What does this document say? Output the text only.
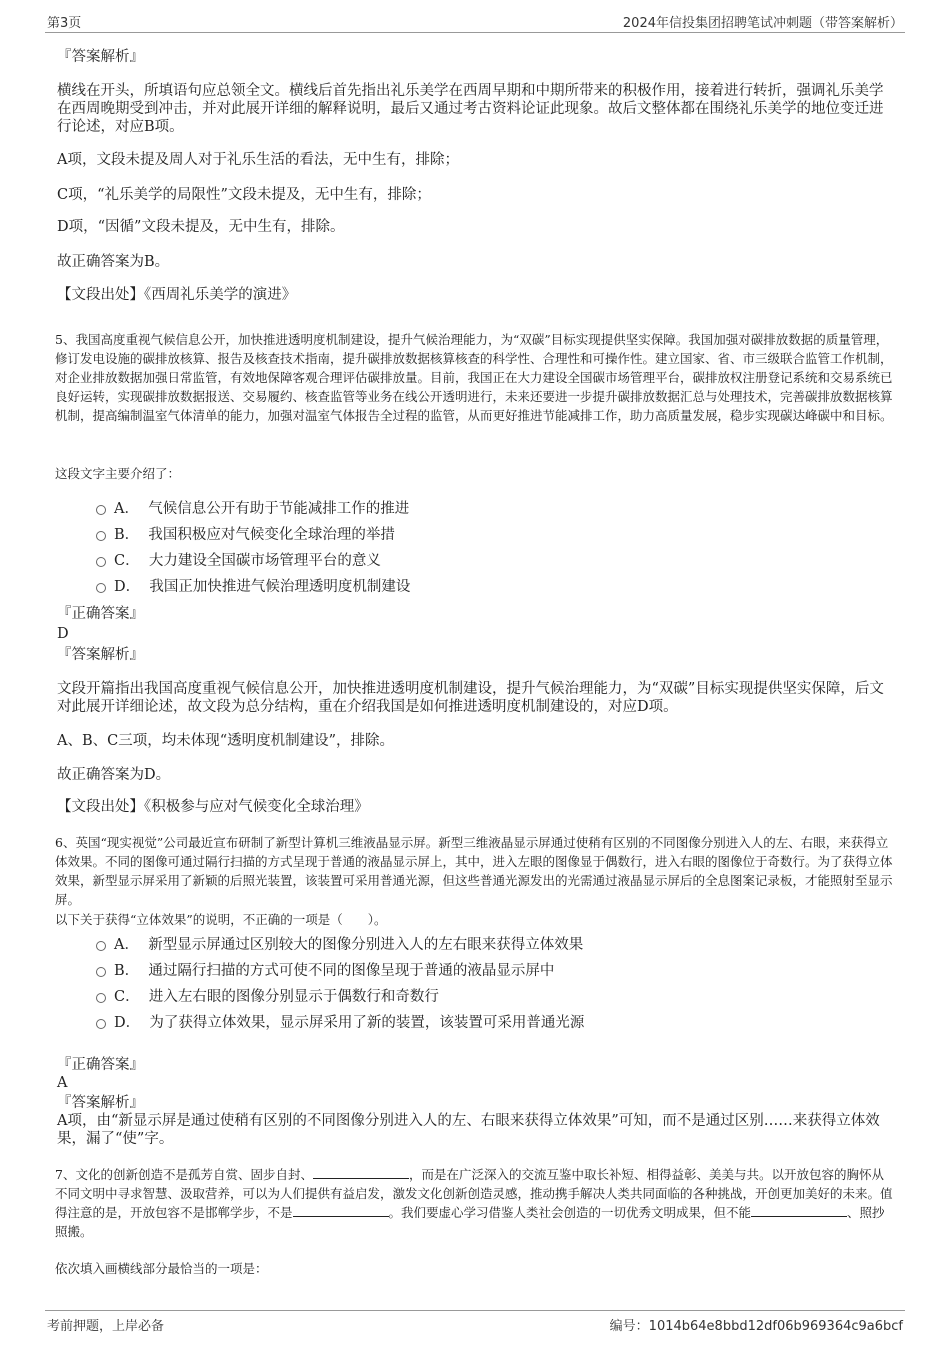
第3页	2024年信投集团招聘笔试冲刺题（带答案解析）
『答案解析』
横线在开头，所填语句应总领全文。横线后首先指出礼乐美学在西周早期和中期所带来的积极作用，接着进行转折，强调礼乐美学在西周晚期受到冲击，并对此展开详细的解释说明，最后又通过考古资料论证此现象。故后文整体都在围绕礼乐美学的地位变迁进行论述，对应B项。
A项，文段未提及周人对于礼乐生活的看法，无中生有，排除；
C项，“礼乐美学的局限性”文段未提及，无中生有，排除；
D项，“因循”文段未提及，无中生有，排除。
故正确答案为B。
【文段出处】《西周礼乐美学的演进》
5、我国高度重视气候信息公开，加快推进透明度机制建设，提升气候治理能力，为“双碳”目标实现提供坚实保障。我国加强对碳排放数据的质量管理，修订发电设施的碳排放核算、报告及核查技术指南，提升碳排放数据核算核查的科学性、合理性和可操作性。建立国家、省、市三级联合监管工作机制，对企业排放数据加强日常监管，有效地保障客观合理评估碳排放量。目前，我国正在大力建设全国碳市场管理平台，碳排放权注册登记系统和交易系统已良好运转，实现碳排放数据报送、交易履约、核查监管等业务在线公开透明进行，未来还要进一步提升碳排放数据汇总与处理技术，完善碳排放数据核算机制，提高编制温室气体清单的能力，加强对温室气体报告全过程的监管，从而更好推进节能减排工作，助力高质量发展，稳步实现碳达峰碳中和目标。
这段文字主要介绍了：
A． 气候信息公开有助于节能减排工作的推进
B． 我国积极应对气候变化全球治理的举措
C． 大力建设全国碳市场管理平台的意义
D． 我国正加快推进气候治理透明度机制建设
『正确答案』
D
『答案解析』
文段开篇指出我国高度重视气候信息公开，加快推进透明度机制建设，提升气候治理能力，为“双碳”目标实现提供坚实保障，后文对此展开详细论述，故文段为总分结构，重在介绍我国是如何推进透明度机制建设的，对应D项。
A、B、C三项，均未体现“透明度机制建设”，排除。
故正确答案为D。
【文段出处】《积极参与应对气候变化全球治理》
6、英国“现实视觉”公司最近宣布研制了新型计算机三维液晶显示屏。新型三维液晶显示屏通过使稍有区别的不同图像分别进入人的左、右眼，来获得立体效果。不同的图像可通过隔行扫描的方式呈现于普通的液晶显示屏上，其中，进入左眼的图像显于偶数行，进入右眼的图像位于奇数行。为了获得立体效果，新型显示屏采用了新颖的后照光装置，该装置可采用普通光源，但这些普通光源发出的光需通过液晶显示屏后的全息图案记录板，才能照射至显示屏。
以下关于获得“立体效果”的说明，不正确的一项是（　　）。
A． 新型显示屏通过区别较大的图像分别进入人的左右眼来获得立体效果
B． 通过隔行扫描的方式可使不同的图像呈现于普通的液晶显示屏中
C． 进入左右眼的图像分别显示于偶数行和奇数行
D． 为了获得立体效果，显示屏采用了新的装置，该装置可采用普通光源
『正确答案』
A
『答案解析』
A项，由“新显示屏是通过使稍有区别的不同图像分别进入人的左、右眼来获得立体效果”可知，而不是通过区别……来获得立体效果，漏了“使”字。
7、文化的创新创造不是孤芳自赏、固步自封、	，而是在广泛深入的交流互鉴中取长补短、相得益彰、美美与共。以开放包容的胸怀从不同文明中寻求智慧、汲取营养，可以为人们提供有益启发，激发文化创新创造灵感，推动携手解决人类共同面临的各种挑战，开创更加美好的未来。值得注意的是，开放包容不是邯郸学步，不是	。我们要虚心学习借鉴人类社会创造的一切优秀文明成果，但不能	、照抄照搬。
依次填入画横线部分最恰当的一项是：
考前押题，上岸必备	编号：1014b64e8bbd12df06b969364c9a6bcf
